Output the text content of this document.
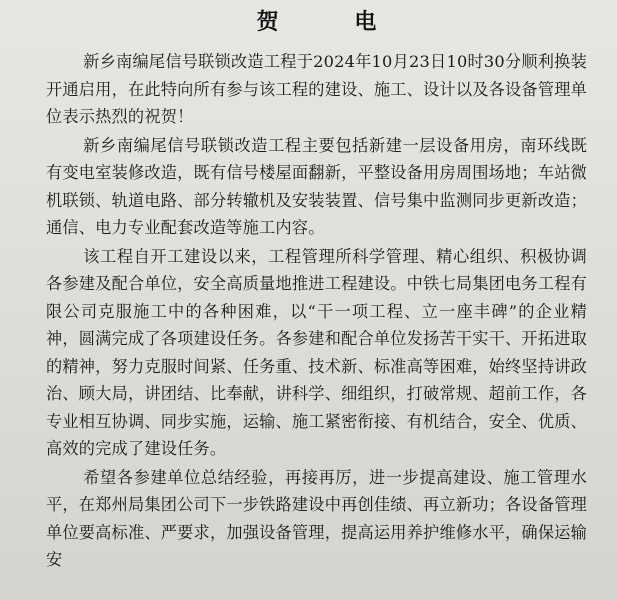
贺 电

新乡南编尾信号联锁改造工程于2024年10月23日10时30分顺利换装开通启用，在此特向所有参与该工程的建设、施工、设计以及各设备管理单位表示热烈的祝贺！

新乡南编尾信号联锁改造工程主要包括新建一层设备用房，南环线既有变电室装修改造，既有信号楼屋面翻新，平整设备用房周围场地；车站微机联锁、轨道电路、部分转辙机及安装装置、信号集中监测同步更新改造；通信、电力专业配套改造等施工内容。

该工程自开工建设以来，工程管理所科学管理、精心组织、积极协调各参建及配合单位，安全高质量地推进工程建设。中铁七局集团电务工程有限公司克服施工中的各种困难，以“干一项工程、立一座丰碑”的企业精神，圆满完成了各项建设任务。各参建和配合单位发扬苦干实干、开拓进取的精神，努力克服时间紧、任务重、技术新、标准高等困难，始终坚持讲政治、顾大局，讲团结、比奉献，讲科学、细组织，打破常规、超前工作，各专业相互协调、同步实施，运输、施工紧密衔接、有机结合，安全、优质、高效的完成了建设任务。

希望各参建单位总结经验，再接再厉，进一步提高建设、施工管理水平，在郑州局集团公司下一步铁路建设中再创佳绩、再立新功；各设备管理单位要高标准、严要求，加强设备管理，提高运用养护维修水平，确保运输安
